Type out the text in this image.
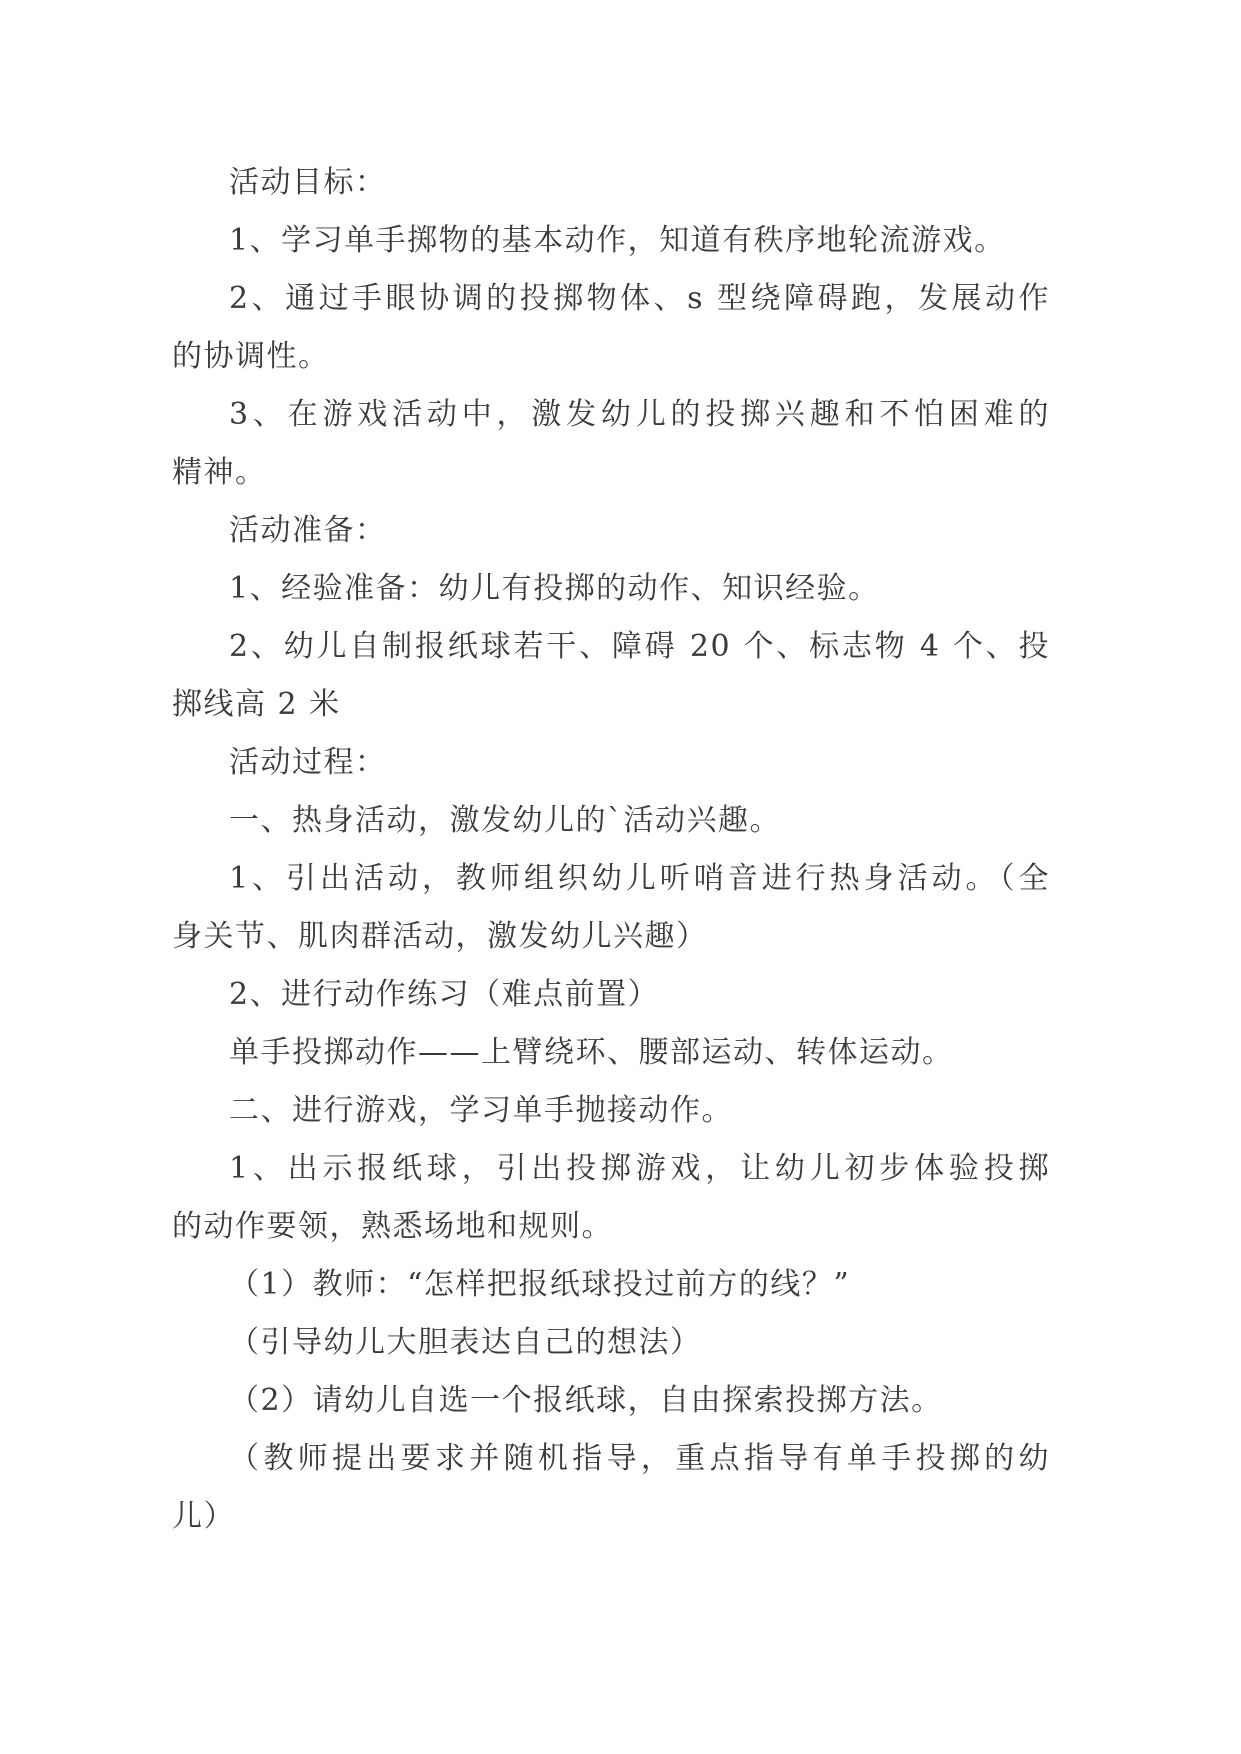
活动目标：
1、学习单手掷物的基本动作，知道有秩序地轮流游戏。
2、通过手眼协调的投掷物体、s 型绕障碍跑，发展动作
的协调性。
3、在游戏活动中，激发幼儿的投掷兴趣和不怕困难的
精神。
活动准备：
1、经验准备：幼儿有投掷的动作、知识经验。
2、幼儿自制报纸球若干、障碍 20 个、标志物 4 个、投
掷线高 2 米
活动过程：
一、热身活动，激发幼儿的`活动兴趣。
1、引出活动，教师组织幼儿听哨音进行热身活动。（全
身关节、肌肉群活动，激发幼儿兴趣）
2、进行动作练习（难点前置）
单手投掷动作——上臂绕环、腰部运动、转体运动。
二、进行游戏，学习单手抛接动作。
1、出示报纸球，引出投掷游戏，让幼儿初步体验投掷
的动作要领，熟悉场地和规则。
（1）教师：“怎样把报纸球投过前方的线？”
（引导幼儿大胆表达自己的想法）
（2）请幼儿自选一个报纸球，自由探索投掷方法。
（教师提出要求并随机指导，重点指导有单手投掷的幼
儿）
